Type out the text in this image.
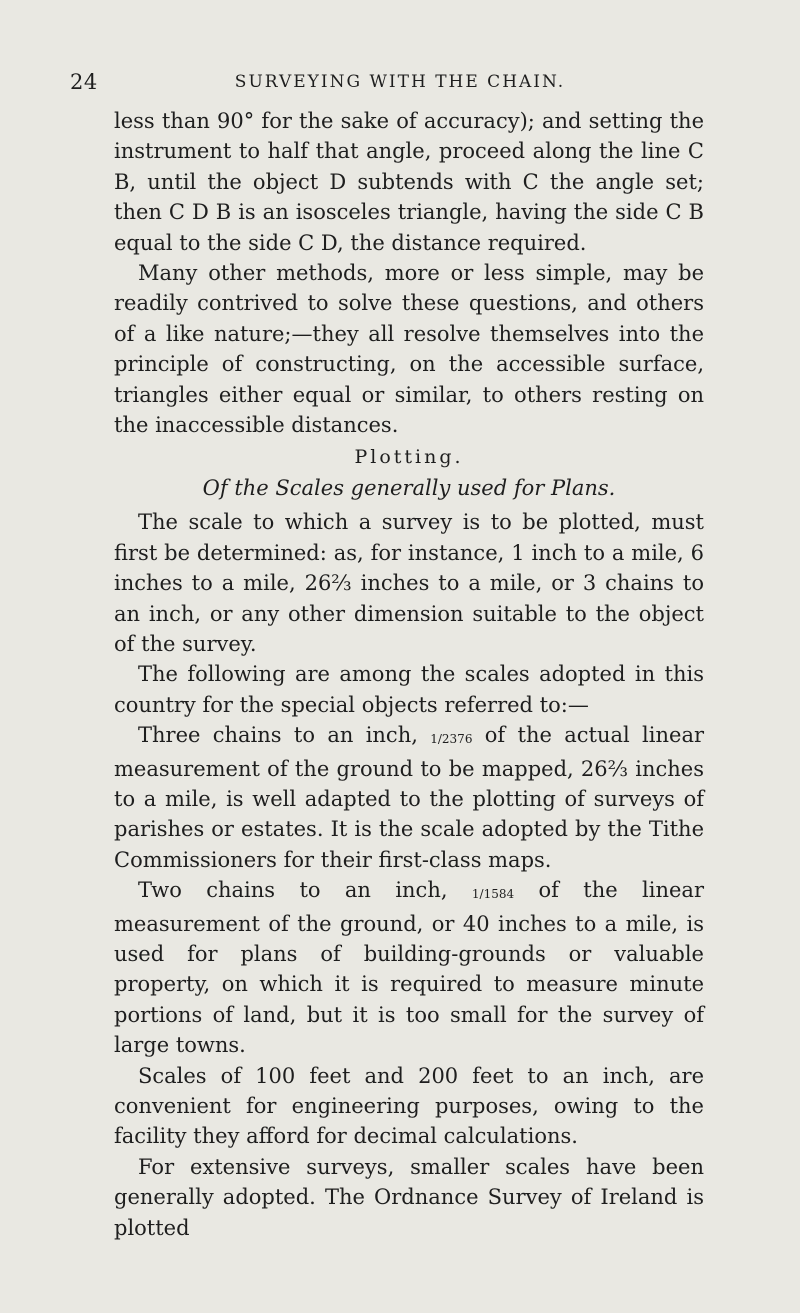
24	SURVEYING WITH THE CHAIN.

less than 90° for the sake of accuracy); and setting the instrument to half that angle, proceed along the line C B, until the object D subtends with C the angle set; then C D B is an isosceles triangle, having the side C B equal to the side C D, the distance required.

Many other methods, more or less simple, may be readily contrived to solve these questions, and others of a like nature;—they all resolve themselves into the principle of constructing, on the accessible surface, triangles either equal or similar, to others resting on the inaccessible distances.

Plotting.
Of the Scales generally used for Plans.

The scale to which a survey is to be plotted, must first be determined: as, for instance, 1 inch to a mile, 6 inches to a mile, 26⅔ inches to a mile, or 3 chains to an inch, or any other dimension suitable to the object of the survey.

The following are among the scales adopted in this country for the special objects referred to:—

Three chains to an inch, 1/2376 of the actual linear measurement of the ground to be mapped, 26⅔ inches to a mile, is well adapted to the plotting of surveys of parishes or estates. It is the scale adopted by the Tithe Commissioners for their first-class maps.

Two chains to an inch, 1/1584 of the linear measurement of the ground, or 40 inches to a mile, is used for plans of building-grounds or valuable property, on which it is required to measure minute portions of land, but it is too small for the survey of large towns.

Scales of 100 feet and 200 feet to an inch, are convenient for engineering purposes, owing to the facility they afford for decimal calculations.

For extensive surveys, smaller scales have been generally adopted. The Ordnance Survey of Ireland is plotted
